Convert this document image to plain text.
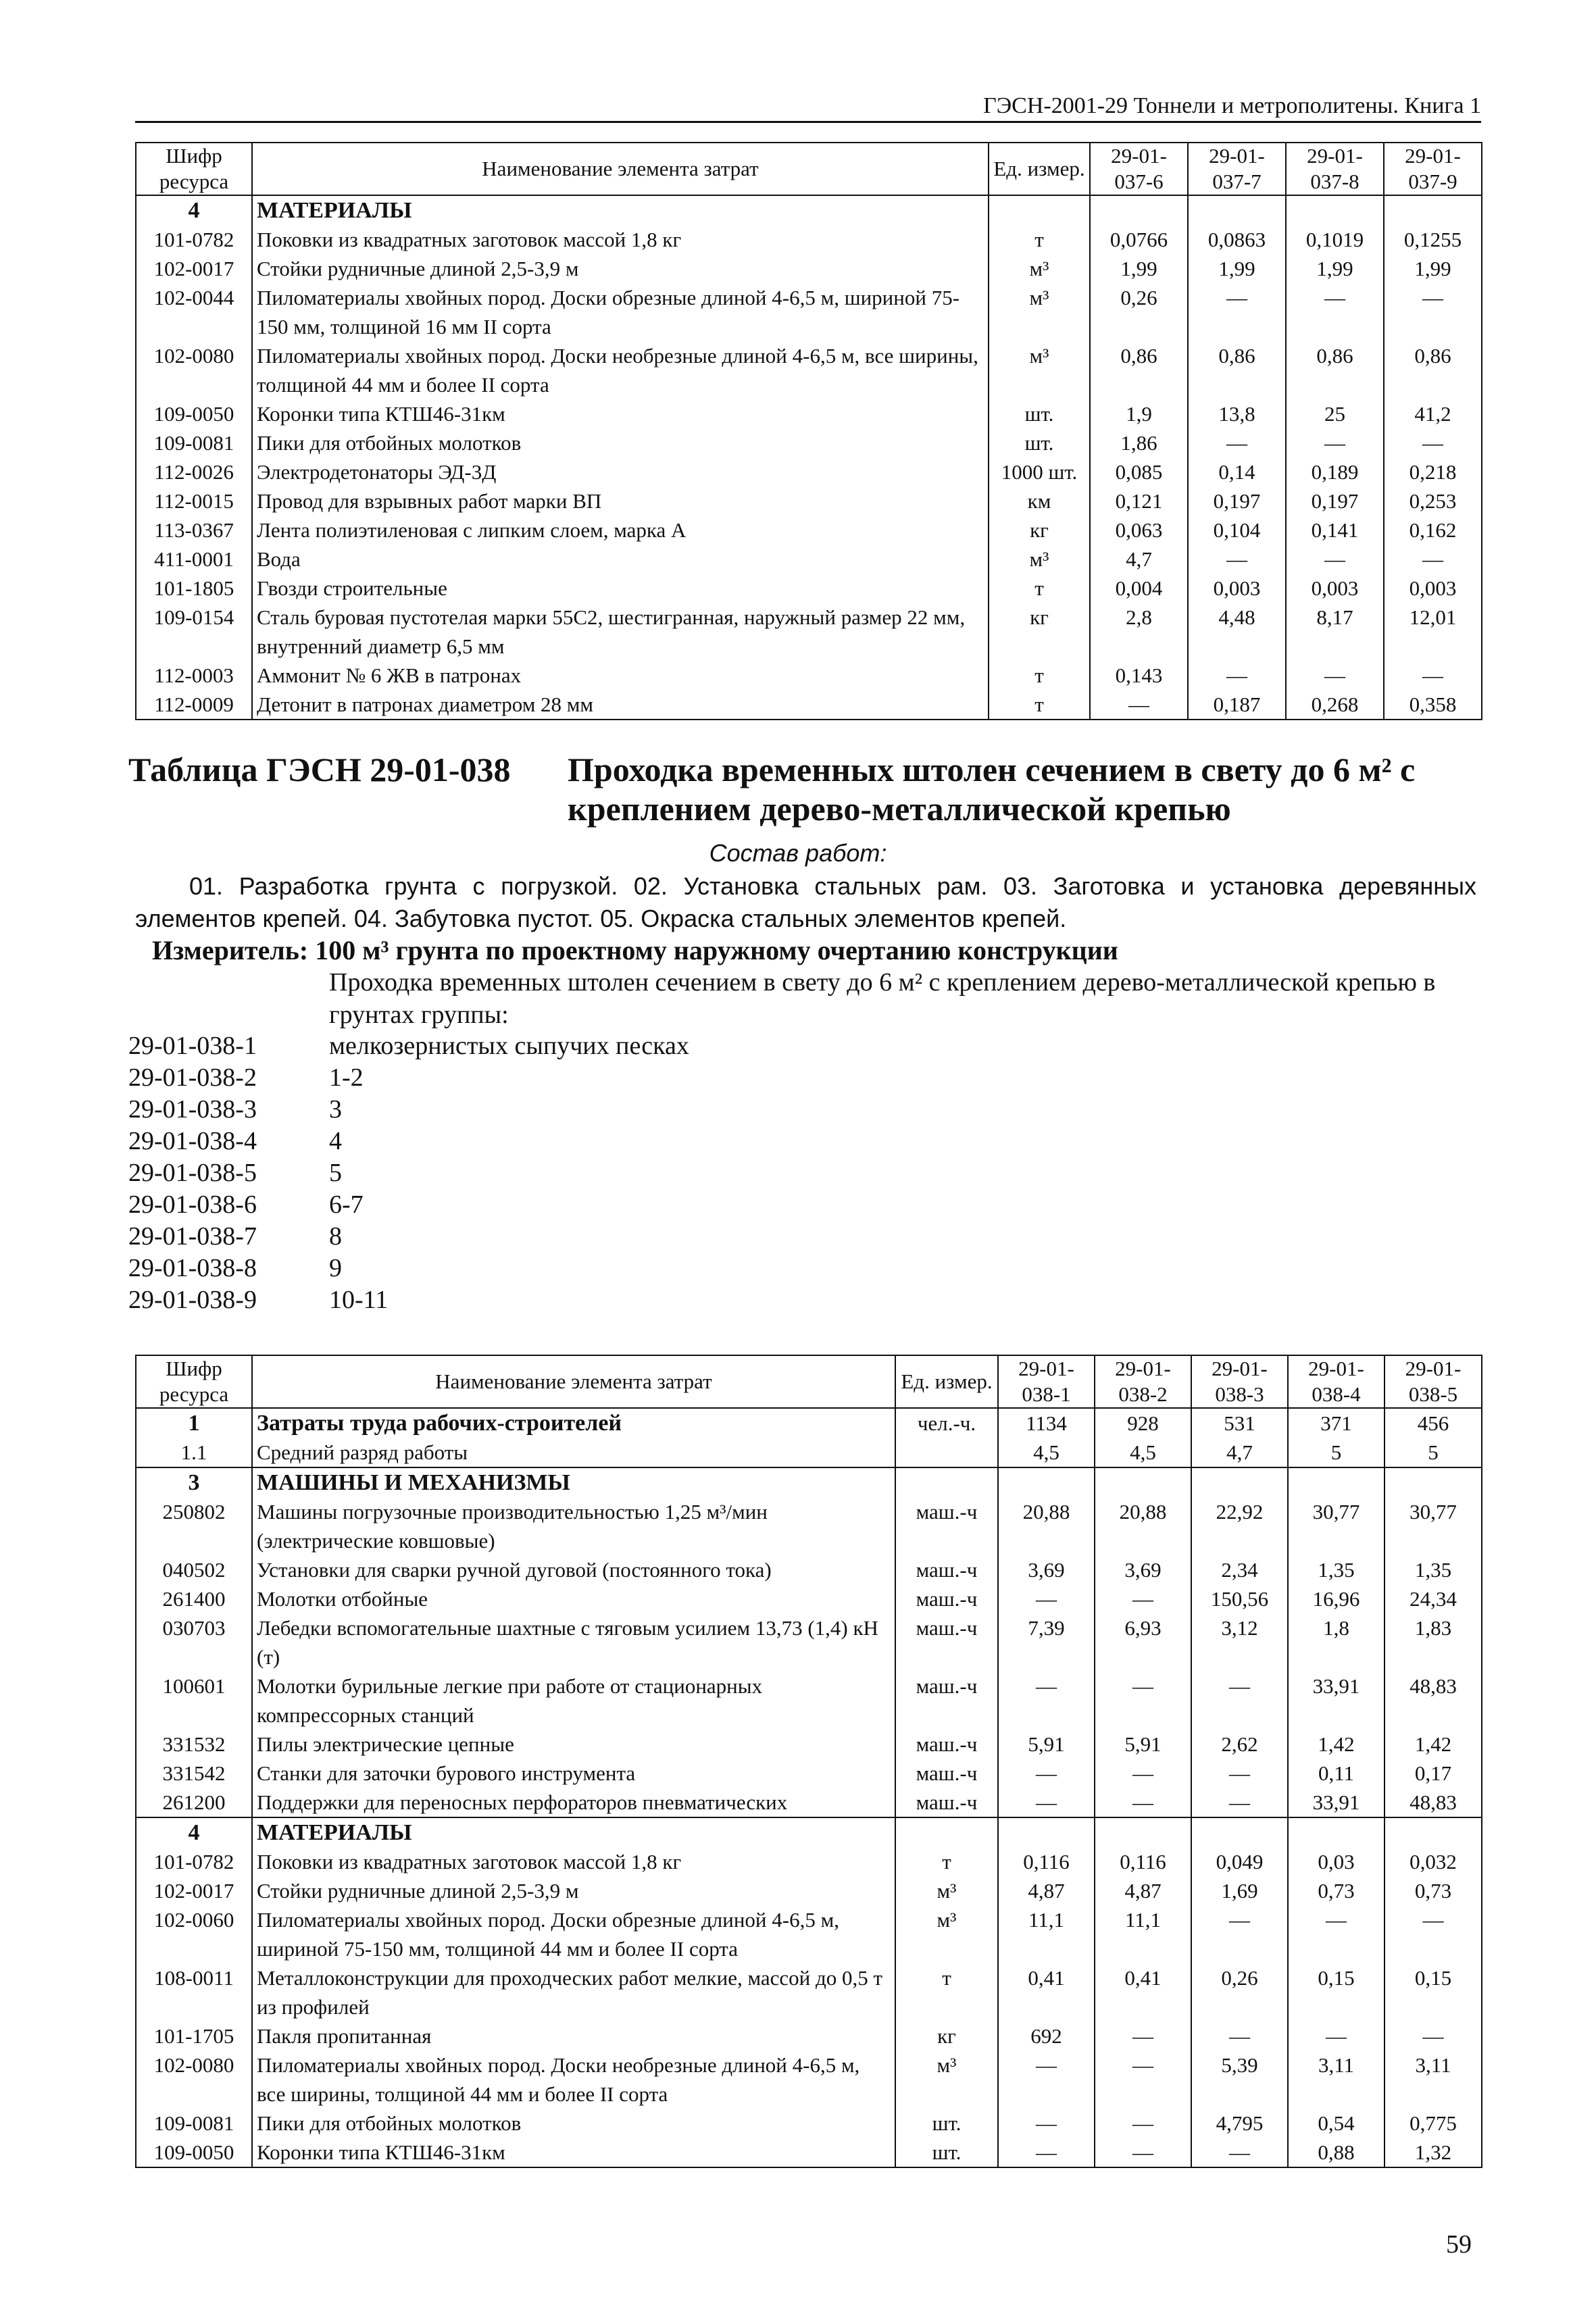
ГЭСН-2001-29 Тоннели и метрополитены. Книга 1
Шифр ресурса	Наименование элемента затрат	Ед. измер.	29-01-037-6	29-01-037-7	29-01-037-8	29-01-037-9
4	МАТЕРИАЛЫ					
101-0782	Поковки из квадратных заготовок массой 1,8 кг	т	0,0766	0,0863	0,1019	0,1255
102-0017	Стойки рудничные длиной 2,5-3,9 м	м³	1,99	1,99	1,99	1,99
102-0044	Пиломатериалы хвойных пород. Доски обрезные длиной 4-6,5 м, шириной 75-150 мм, толщиной 16 мм II сорта	м³	0,26	—	—	—
102-0080	Пиломатериалы хвойных пород. Доски необрезные длиной 4-6,5 м, все ширины, толщиной 44 мм и более II сорта	м³	0,86	0,86	0,86	0,86
109-0050	Коронки типа КТШ46-31км	шт.	1,9	13,8	25	41,2
109-0081	Пики для отбойных молотков	шт.	1,86	—	—	—
112-0026	Электродетонаторы ЭД-3Д	1000 шт.	0,085	0,14	0,189	0,218
112-0015	Провод для взрывных работ марки ВП	км	0,121	0,197	0,197	0,253
113-0367	Лента полиэтиленовая с липким слоем, марка А	кг	0,063	0,104	0,141	0,162
411-0001	Вода	м³	4,7	—	—	—
101-1805	Гвозди строительные	т	0,004	0,003	0,003	0,003
109-0154	Сталь буровая пустотелая марки 55С2, шестигранная, наружный размер 22 мм, внутренний диаметр 6,5 мм	кг	2,8	4,48	8,17	12,01
112-0003	Аммонит № 6 ЖВ в патронах	т	0,143	—	—	—
112-0009	Детонит в патронах диаметром 28 мм	т	—	0,187	0,268	0,358
Таблица ГЭСН 29-01-038 Проходка временных штолен сечением в свету до 6 м² с креплением дерево-металлической крепью
Состав работ:
01. Разработка грунта с погрузкой. 02. Установка стальных рам. 03. Заготовка и установка деревянных элементов крепей. 04. Забутовка пустот. 05. Окраска стальных элементов крепей.
Измеритель: 100 м³ грунта по проектному наружному очертанию конструкции
Проходка временных штолен сечением в свету до 6 м² с креплением дерево-металлической крепью в грунтах группы:
29-01-038-1	мелкозернистых сыпучих песках
29-01-038-2	1-2
29-01-038-3	3
29-01-038-4	4
29-01-038-5	5
29-01-038-6	6-7
29-01-038-7	8
29-01-038-8	9
29-01-038-9	10-11
Шифр ресурса	Наименование элемента затрат	Ед. измер.	29-01-038-1	29-01-038-2	29-01-038-3	29-01-038-4	29-01-038-5
1	Затраты труда рабочих-строителей	чел.-ч.	1134	928	531	371	456
1.1	Средний разряд работы		4,5	4,5	4,7	5	5
3	МАШИНЫ И МЕХАНИЗМЫ						
250802	Машины погрузочные производительностью 1,25 м³/мин (электрические ковшовые)	маш.-ч	20,88	20,88	22,92	30,77	30,77
040502	Установки для сварки ручной дуговой (постоянного тока)	маш.-ч	3,69	3,69	2,34	1,35	1,35
261400	Молотки отбойные	маш.-ч	—	—	150,56	16,96	24,34
030703	Лебедки вспомогательные шахтные с тяговым усилием 13,73 (1,4) кН (т)	маш.-ч	7,39	6,93	3,12	1,8	1,83
100601	Молотки бурильные легкие при работе от стационарных компрессорных станций	маш.-ч	—	—	—	33,91	48,83
331532	Пилы электрические цепные	маш.-ч	5,91	5,91	2,62	1,42	1,42
331542	Станки для заточки бурового инструмента	маш.-ч	—	—	—	0,11	0,17
261200	Поддержки для переносных перфораторов пневматических	маш.-ч	—	—	—	33,91	48,83
4	МАТЕРИАЛЫ						
101-0782	Поковки из квадратных заготовок массой 1,8 кг	т	0,116	0,116	0,049	0,03	0,032
102-0017	Стойки рудничные длиной 2,5-3,9 м	м³	4,87	4,87	1,69	0,73	0,73
102-0060	Пиломатериалы хвойных пород. Доски обрезные длиной 4-6,5 м, шириной 75-150 мм, толщиной 44 мм и более II сорта	м³	11,1	11,1	—	—	—
108-0011	Металлоконструкции для проходческих работ мелкие, массой до 0,5 т из профилей	т	0,41	0,41	0,26	0,15	0,15
101-1705	Пакля пропитанная	кг	692	—	—	—	—
102-0080	Пиломатериалы хвойных пород. Доски необрезные длиной 4-6,5 м, все ширины, толщиной 44 мм и более II сорта	м³	—	—	5,39	3,11	3,11
109-0081	Пики для отбойных молотков	шт.	—	—	4,795	0,54	0,775
109-0050	Коронки типа КТШ46-31км	шт.	—	—	—	0,88	1,32
59
